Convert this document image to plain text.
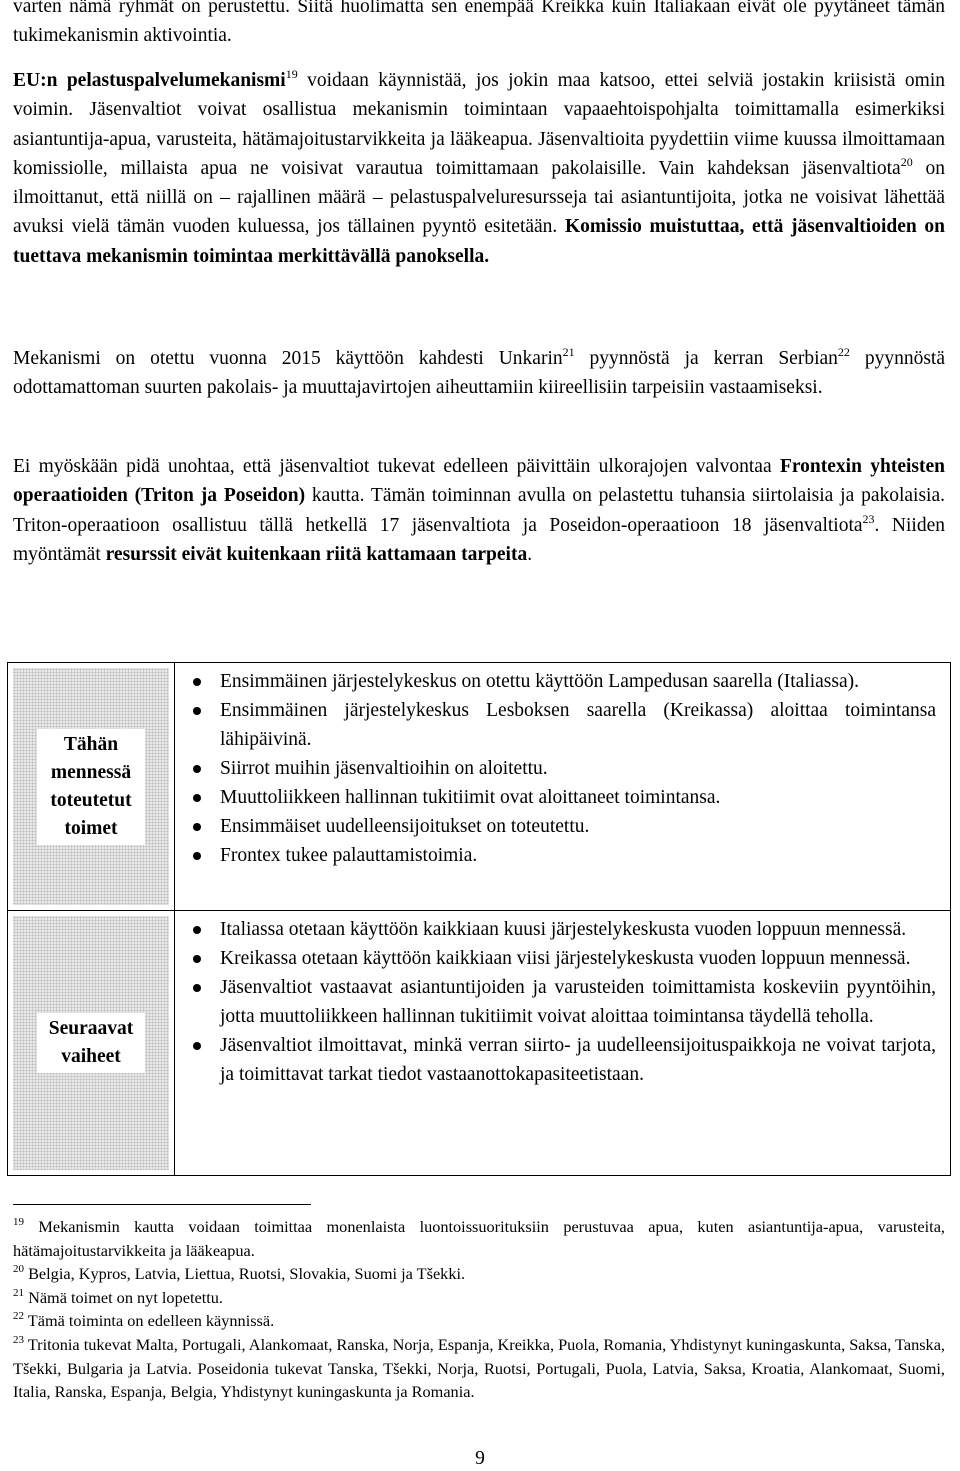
varten nämä ryhmät on perustettu. Siitä huolimatta sen enempää Kreikka kuin Italiakaan eivät ole pyytäneet tämän tukimekanismin aktivointia.

EU:n pelastuspalvelumekanismi$^{19}$ voidaan käynnistää, jos jokin maa katsoo, ettei selviä jostakin kriisistä omin voimin. Jäsenvaltiot voivat osallistua mekanismin toimintaan vapaaehtoispohjalta toimittamalla esimerkiksi asiantuntija-apua, varusteita, hätämajoitustarvikkeita ja lääkeapua. Jäsenvaltioita pyydettiin viime kuussa ilmoittamaan komissiolle, millaista apua ne voisivat varautua toimittamaan pakolaisille. Vain kahdeksan jäsenvaltiota$^{20}$ on ilmoittanut, että niillä on – rajallinen määrä – pelastuspalveluresursseja tai asiantuntijoita, jotka ne voisivat lähettää avuksi vielä tämän vuoden kuluessa, jos tällainen pyyntö esitetään. Komissio muistuttaa, että jäsenvaltioiden on tuettava mekanismin toimintaa merkittävällä panoksella.

Mekanismi on otettu vuonna 2015 käyttöön kahdesti Unkarin$^{21}$ pyynnöstä ja kerran Serbian$^{22}$ pyynnöstä odottamattoman suurten pakolais- ja muuttajavirtojen aiheuttamiin kiireellisiin tarpeisiin vastaamiseksi.

Ei myöskään pidä unohtaa, että jäsenvaltiot tukevat edelleen päivittäin ulkorajojen valvontaa Frontexin yhteisten operaatioiden (Triton ja Poseidon) kautta. Tämän toiminnan avulla on pelastettu tuhansia siirtolaisia ja pakolaisia. Triton-operaatioon osallistuu tällä hetkellä 17 jäsenvaltiota ja Poseidon-operaatioon 18 jäsenvaltiota$^{23}$. Niiden myöntämät resurssit eivät kuitenkaan riitä kattamaan tarpeita.

Tähän mennessä toteutetut toimet
Ensimmäinen järjestelykeskus on otettu käyttöön Lampedusan saarella (Italiassa).
Ensimmäinen järjestelykeskus Lesboksen saarella (Kreikassa) aloittaa toimintansa lähipäivinä.
Siirrot muihin jäsenvaltioihin on aloitettu.
Muuttoliikkeen hallinnan tukitiimit ovat aloittaneet toimintansa.
Ensimmäiset uudelleensijoitukset on toteutettu.
Frontex tukee palauttamistoimia.
Seuraavat vaiheet
Italiassa otetaan käyttöön kaikkiaan kuusi järjestelykeskusta vuoden loppuun mennessä.
Kreikassa otetaan käyttöön kaikkiaan viisi järjestelykeskusta vuoden loppuun mennessä.
Jäsenvaltiot vastaavat asiantuntijoiden ja varusteiden toimittamista koskeviin pyyntöihin, jotta muuttoliikkeen hallinnan tukitiimit voivat aloittaa toimintansa täydellä teholla.
Jäsenvaltiot ilmoittavat, minkä verran siirto- ja uudelleensijoituspaikkoja ne voivat tarjota, ja toimittavat tarkat tiedot vastaanottokapasiteetistaan.

$^{19}$ Mekanismin kautta voidaan toimittaa monenlaista luontoissuorituksiin perustuvaa apua, kuten asiantuntija-apua, varusteita, hätämajoitustarvikkeita ja lääkeapua.

$^{20}$ Belgia, Kypros, Latvia, Liettua, Ruotsi, Slovakia, Suomi ja Tšekki.

$^{21}$ Nämä toimet on nyt lopetettu.

$^{22}$ Tämä toiminta on edelleen käynnissä.

$^{23}$ Tritonia tukevat Malta, Portugali, Alankomaat, Ranska, Norja, Espanja, Kreikka, Puola, Romania, Yhdistynyt kuningaskunta, Saksa, Tanska, Tšekki, Bulgaria ja Latvia. Poseidonia tukevat Tanska, Tšekki, Norja, Ruotsi, Portugali, Puola, Latvia, Saksa, Kroatia, Alankomaat, Suomi, Italia, Ranska, Espanja, Belgia, Yhdistynyt kuningaskunta ja Romania.

9
